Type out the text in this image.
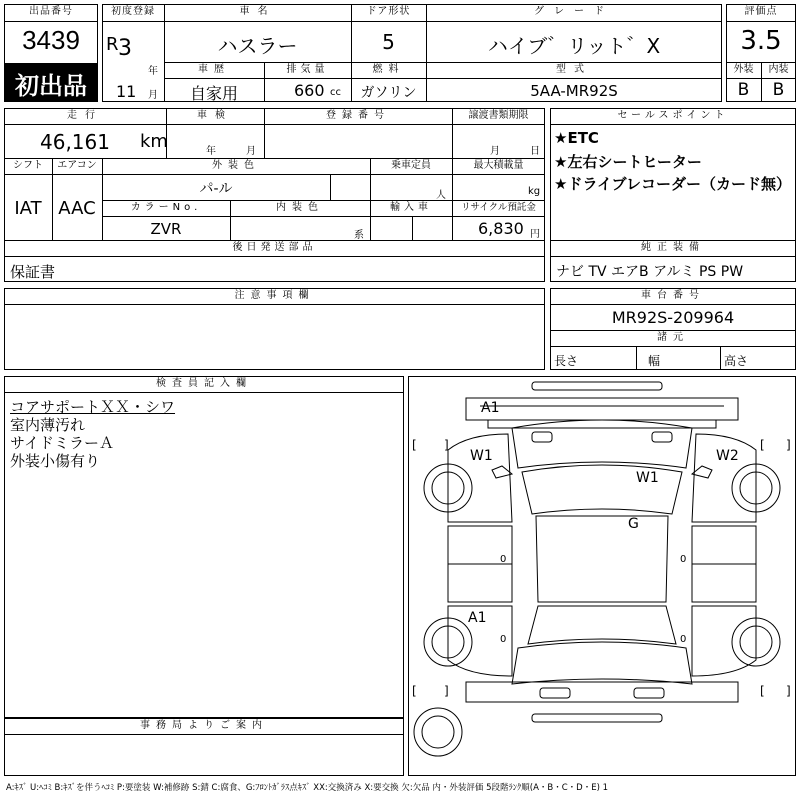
出品番号
3439
初出品
初度登録
R 3
年
11 月
車名
ハスラー
ドア形状
5
グレード
ハイブ゛リット゛X
車歴
自家用
排気量
660 cc
燃料
ガソリン
型式
5AA-MR92S
評価点
3.5
外装	内装
B	B
走行
46,161 km
車検
年	月
登録番号	譲渡書類期限
月	日
シフト
IAT
エアコン
AAC
外装色
パ-ル
乗車定員
人
最大積載量
kg
カラーNo.
ZVR
内装色
系
輸入車	リサイクル預託金
6,830 円
後日発送部品
保証書
セールスポイント
★ETC
★左右シートヒーター
★ドライブレコーダー（カード無）
純正装備
ナビ TV エアB アルミ PS PW
注意事項欄	車台番号
MR92S-209964
諸元
長さ	幅	高さ
検査員記入欄
コアサポートＸＸ・シワ
室内薄汚れ
サイドミラーＡ
外装小傷有り
事務局よりご案内
A1
W1
W1
W2
G
A1
[ ]	[ ]
[ ]	[ ]
0
0
0
0
A:ｷｽﾞ U:ﾍｺﾐ B:ｷｽﾞを伴うﾍｺﾐ P:要塗装 W:補修跡 S:錆 C:腐食、G:ﾌﾛﾝﾄｶﾞﾗｽ点ｷｽﾞ XX:交換済み X:要交換 欠:欠品 内・外装評価 5段階ﾗﾝｸ順(A・B・C・D・E) 1
